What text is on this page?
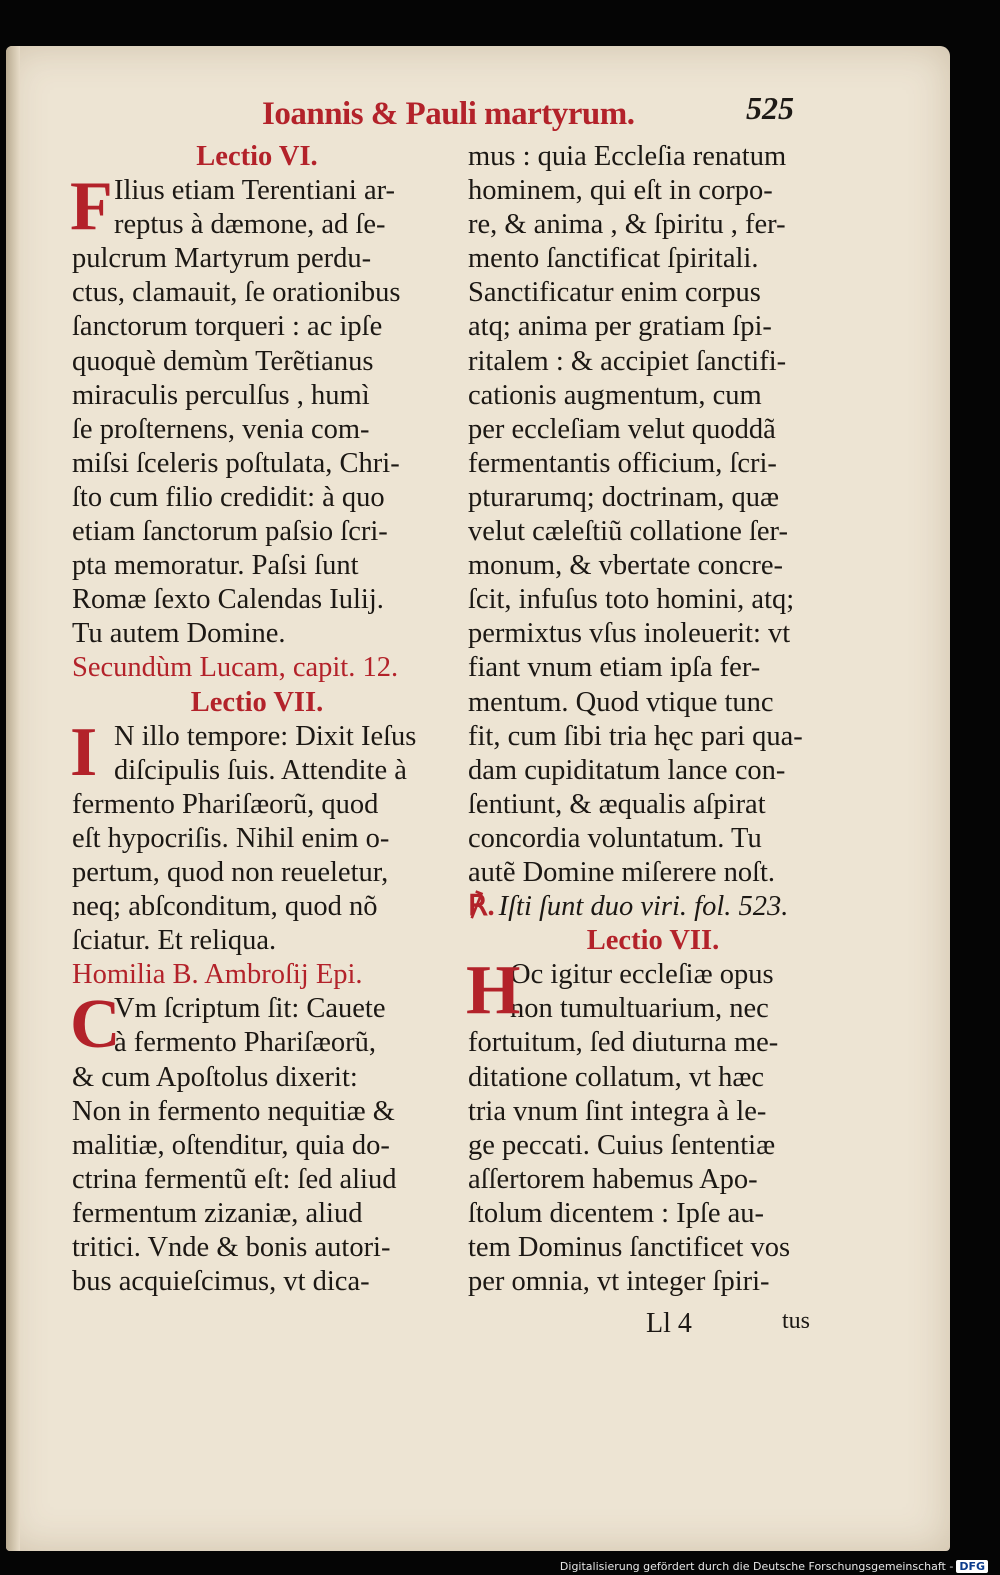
Ioannis & Pauli martyrum.	525
Lectio VI.
F Ilius etiam Terentiani ar-
reptus à dæmone, ad ſe-
pulcrum Martyrum perdu-
ctus, clamauit, ſe orationibus
ſanctorum torqueri : ac ipſe
quoquè demùm Terẽtianus
miraculis perculſus , humì
ſe proſternens, venia com-
miſsi ſceleris poſtulata, Chri-
ſto cum filio credidit: à quo
etiam ſanctorum paſsio ſcri-
pta memoratur. Paſsi ſunt
Romæ ſexto Calendas Iulij.
Tu autem Domine.
Secundùm Lucam, capit. 12.
Lectio VII.
I N illo tempore: Dixit Ieſus
diſcipulis ſuis. Attendite à
fermento Phariſæorũ, quod
eſt hypocriſis. Nihil enim o-
pertum, quod non reueletur,
neq; abſconditum, quod nõ
ſciatur. Et reliqua.
Homilia B. Ambroſij Epi.
C
Vm ſcriptum ſit: Cauete
à fermento Phariſæorũ,
& cum Apoſtolus dixerit:
Non in fermento nequitiæ &
malitiæ, oſtenditur, quia do-
ctrina fermentũ eſt: ſed aliud
fermentum zizaniæ, aliud
tritici. Vnde & bonis autori-
bus acquieſcimus, vt dica-
mus : quia Eccleſia renatum
hominem, qui eſt in corpo-
re, & anima , & ſpiritu , fer-
mento ſanctificat ſpiritali.
Sanctificatur enim corpus
atq; anima per gratiam ſpi-
ritalem : & accipiet ſanctifi-
cationis augmentum, cum
per eccleſiam velut quoddã
fermentantis officium, ſcri-
pturarumq; doctrinam, quæ
velut cæleſtiũ collatione ſer-
monum, & vbertate concre-
ſcit, infuſus toto homini, atq;
permixtus vſus inoleuerit: vt
fiant vnum etiam ipſa fer-
mentum. Quod vtique tunc
fit, cum ſibi tria hęc pari qua-
dam cupiditatum lance con-
ſentiunt, & æqualis aſpirat
concordia voluntatum. Tu
autẽ Domine miſerere noſt.
℟. Iſti ſunt duo viri. fol. 523.
Lectio VII.
H
Oc igitur eccleſiæ opus
non tumultuarium, nec
fortuitum, ſed diuturna me-
ditatione collatum, vt hæc
tria vnum ſint integra à le-
ge peccati. Cuius ſententiæ
aſſertorem habemus Apo-
ſtolum dicentem : Ipſe au-
tem Dominus ſanctificet vos
per omnia, vt integer ſpiri-
Ll 4	tus
Digitalisierung gefördert durch die Deutsche Forschungsgemeinschaft - DFG
